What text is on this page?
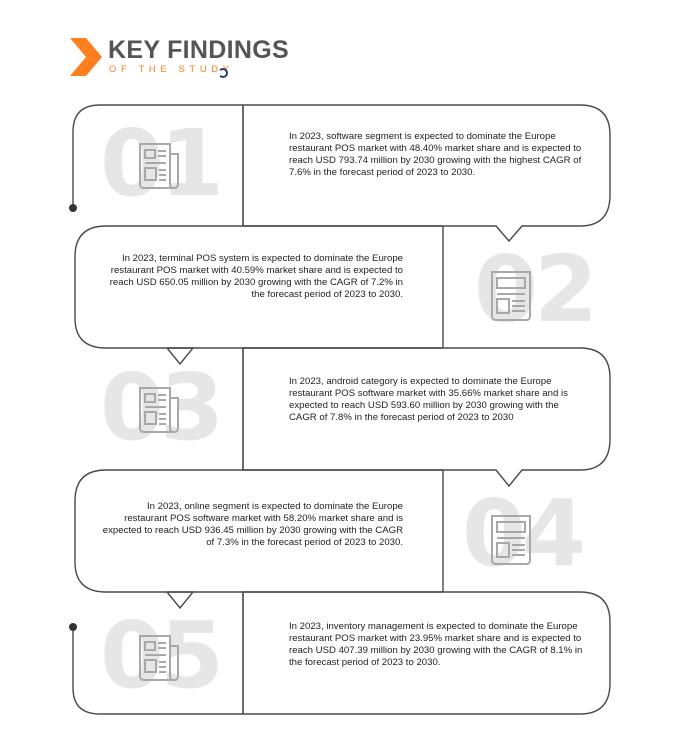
KEY FINDINGS
OF THE STUDY
01
02
03
04
05

In 2023, software segment is expected to dominate the Europe restaurant POS market with 48.40% market share and is expected to reach USD 793.74 million by 2030 growing with the highest CAGR of 7.6% in the forecast period of 2023 to 2030.

In 2023, terminal POS system is expected to dominate the Europe restaurant POS market with 40.59% market share and is expected to reach USD 650.05 million by 2030 growing with the CAGR of 7.2% in the forecast period of 2023 to 2030.

In 2023, android category is expected to dominate the Europe restaurant POS software market with 35.66% market share and is expected to reach USD 593.60 million by 2030 growing with the CAGR of 7.8% in the forecast period of 2023 to 2030

In 2023, online segment is expected to dominate the Europe restaurant POS software market with 58.20% market share and is expected to reach USD 936.45 million by 2030 growing with the CAGR of 7.3% in the forecast period of 2023 to 2030.

In 2023, inventory management is expected to dominate the Europe restaurant POS market with 23.95% market share and is expected to reach USD 407.39 million by 2030 growing with the CAGR of 8.1% in the forecast period of 2023 to 2030.
